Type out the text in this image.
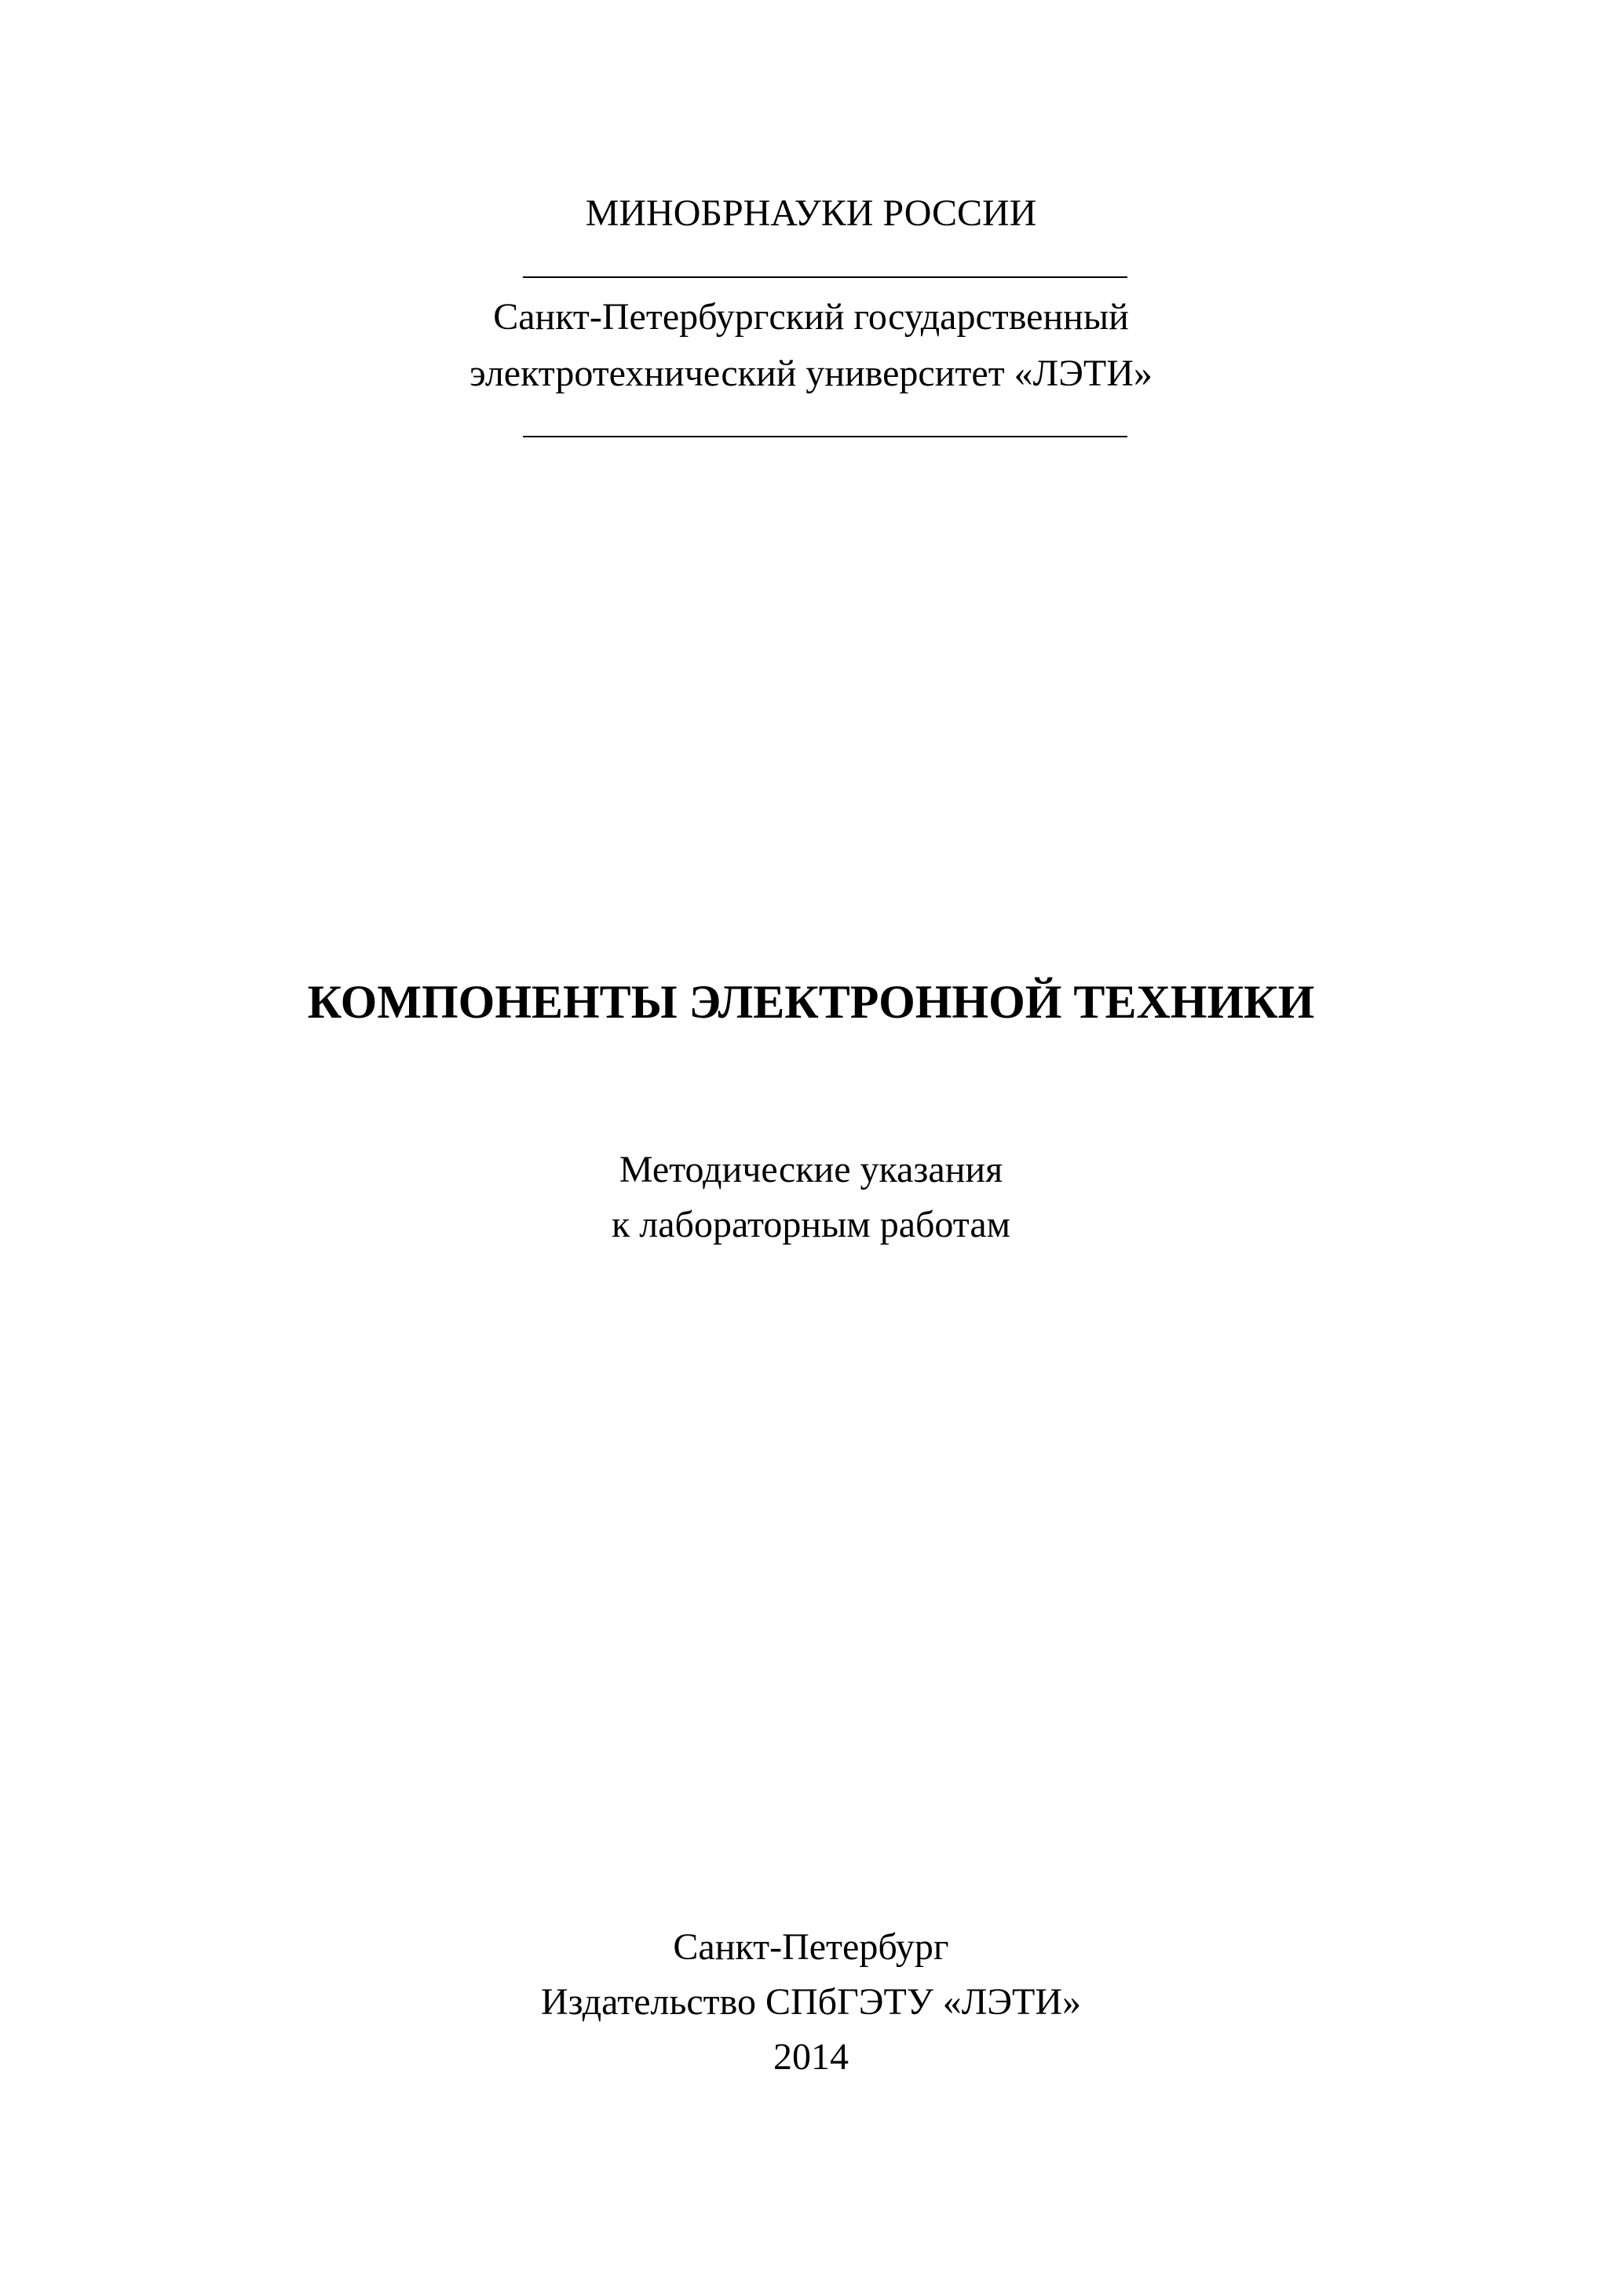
МИНОБРНАУКИ РОССИИ
Санкт-Петербургский государственный
электротехнический университет «ЛЭТИ»
КОМПОНЕНТЫ ЭЛЕКТРОННОЙ ТЕХНИКИ
Методические указания
к лабораторным работам
Санкт-Петербург
Издательство СПбГЭТУ «ЛЭТИ»
2014
